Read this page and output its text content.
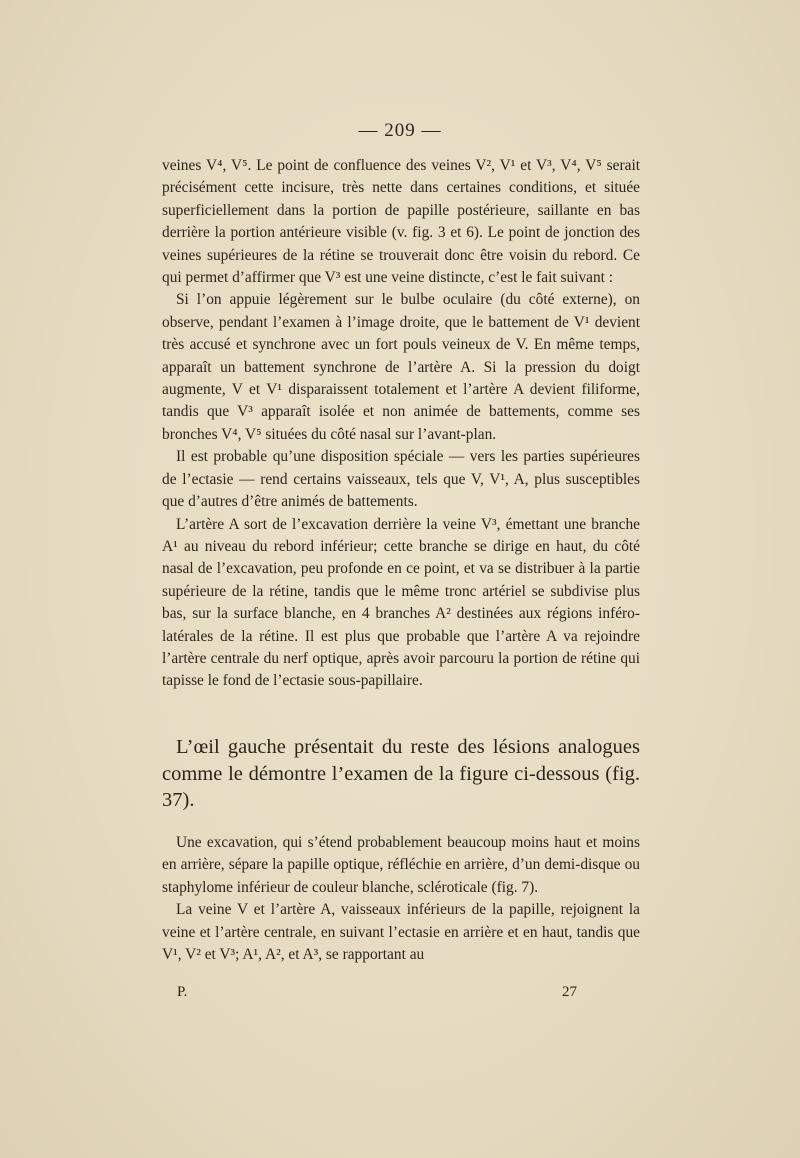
— 209 —

veines V⁴, V⁵. Le point de confluence des veines V², V¹ et V³, V⁴, V⁵ serait précisément cette incisure, très nette dans certaines conditions, et située superficiellement dans la portion de papille postérieure, saillante en bas derrière la portion antérieure visible (v. fig. 3 et 6). Le point de jonction des veines supérieures de la rétine se trouverait donc être voisin du rebord. Ce qui permet d’affirmer que V³ est une veine distincte, c’est le fait suivant :

Si l’on appuie légèrement sur le bulbe oculaire (du côté externe), on observe, pendant l’examen à l’image droite, que le battement de V¹ devient très accusé et synchrone avec un fort pouls veineux de V. En même temps, apparaît un battement synchrone de l’artère A. Si la pression du doigt augmente, V et V¹ disparaissent totalement et l’artère A devient filiforme, tandis que V³ apparaît isolée et non animée de battements, comme ses bronches V⁴, V⁵ situées du côté nasal sur l’avant-plan.

Il est probable qu’une disposition spéciale — vers les parties supérieures de l’ectasie — rend certains vaisseaux, tels que V, V¹, A, plus susceptibles que d’autres d’être animés de battements.

L’artère A sort de l’excavation derrière la veine V³, émettant une branche A¹ au niveau du rebord inférieur; cette branche se dirige en haut, du côté nasal de l’excavation, peu profonde en ce point, et va se distribuer à la partie supérieure de la rétine, tandis que le même tronc artériel se subdivise plus bas, sur la surface blanche, en 4 branches A² destinées aux régions inféro-latérales de la rétine. Il est plus que probable que l’artère A va rejoindre l’artère centrale du nerf optique, après avoir parcouru la portion de rétine qui tapisse le fond de l’ectasie sous-papillaire.

L’œil gauche présentait du reste des lésions analogues comme le démontre l’examen de la figure ci-dessous (fig. 37).

Une excavation, qui s’étend probablement beaucoup moins haut et moins en arrière, sépare la papille optique, réfléchie en arrière, d’un demi-disque ou staphylome inférieur de couleur blanche, scléroticale (fig. 7).

La veine V et l’artère A, vaisseaux inférieurs de la papille, rejoignent la veine et l’artère centrale, en suivant l’ectasie en arrière et en haut, tandis que V¹, V² et V³; A¹, A², et A³, se rapportant au

P.	27
